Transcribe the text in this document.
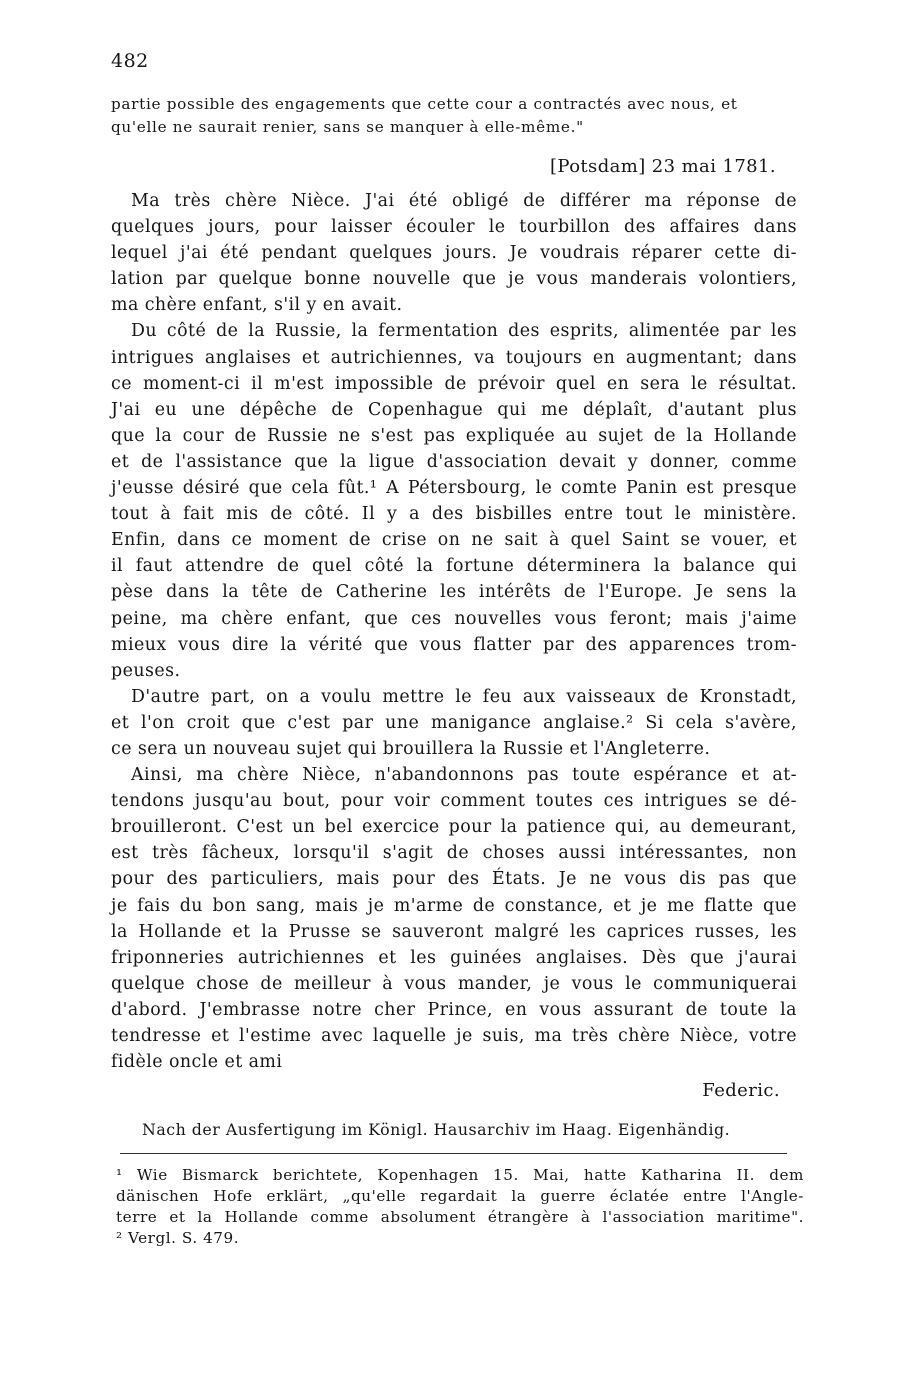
482
partie possible des engagements que cette cour a contractés avec nous, et
qu'elle ne saurait renier, sans se manquer à elle-même."
[Potsdam] 23 mai 1781.
Ma très chère Nièce. J'ai été obligé de différer ma réponse de
quelques jours, pour laisser écouler le tourbillon des affaires dans
lequel j'ai été pendant quelques jours. Je voudrais réparer cette di-
lation par quelque bonne nouvelle que je vous manderais volontiers,
ma chère enfant, s'il y en avait.
Du côté de la Russie, la fermentation des esprits, alimentée par les
intrigues anglaises et autrichiennes, va toujours en augmentant; dans
ce moment-ci il m'est impossible de prévoir quel en sera le résultat.
J'ai eu une dépêche de Copenhague qui me déplaît, d'autant plus
que la cour de Russie ne s'est pas expliquée au sujet de la Hollande
et de l'assistance que la ligue d'association devait y donner, comme
j'eusse désiré que cela fût.¹ A Pétersbourg, le comte Panin est presque
tout à fait mis de côté. Il y a des bisbilles entre tout le ministère.
Enfin, dans ce moment de crise on ne sait à quel Saint se vouer, et
il faut attendre de quel côté la fortune déterminera la balance qui
pèse dans la tête de Catherine les intérêts de l'Europe. Je sens la
peine, ma chère enfant, que ces nouvelles vous feront; mais j'aime
mieux vous dire la vérité que vous flatter par des apparences trom-
peuses.
D'autre part, on a voulu mettre le feu aux vaisseaux de Kronstadt,
et l'on croit que c'est par une manigance anglaise.² Si cela s'avère,
ce sera un nouveau sujet qui brouillera la Russie et l'Angleterre.
Ainsi, ma chère Nièce, n'abandonnons pas toute espérance et at-
tendons jusqu'au bout, pour voir comment toutes ces intrigues se dé-
brouilleront. C'est un bel exercice pour la patience qui, au demeurant,
est très fâcheux, lorsqu'il s'agit de choses aussi intéressantes, non
pour des particuliers, mais pour des États. Je ne vous dis pas que
je fais du bon sang, mais je m'arme de constance, et je me flatte que
la Hollande et la Prusse se sauveront malgré les caprices russes, les
friponneries autrichiennes et les guinées anglaises. Dès que j'aurai
quelque chose de meilleur à vous mander, je vous le communiquerai
d'abord. J'embrasse notre cher Prince, en vous assurant de toute la
tendresse et l'estime avec laquelle je suis, ma très chère Nièce, votre
fidèle oncle et ami
Federic.
Nach der Ausfertigung im Königl. Hausarchiv im Haag. Eigenhändig.
¹ Wie Bismarck berichtete, Kopenhagen 15. Mai, hatte Katharina II. dem
dänischen Hofe erklärt, „qu'elle regardait la guerre éclatée entre l'Angle-
terre et la Hollande comme absolument étrangère à l'association maritime".
² Vergl. S. 479.
